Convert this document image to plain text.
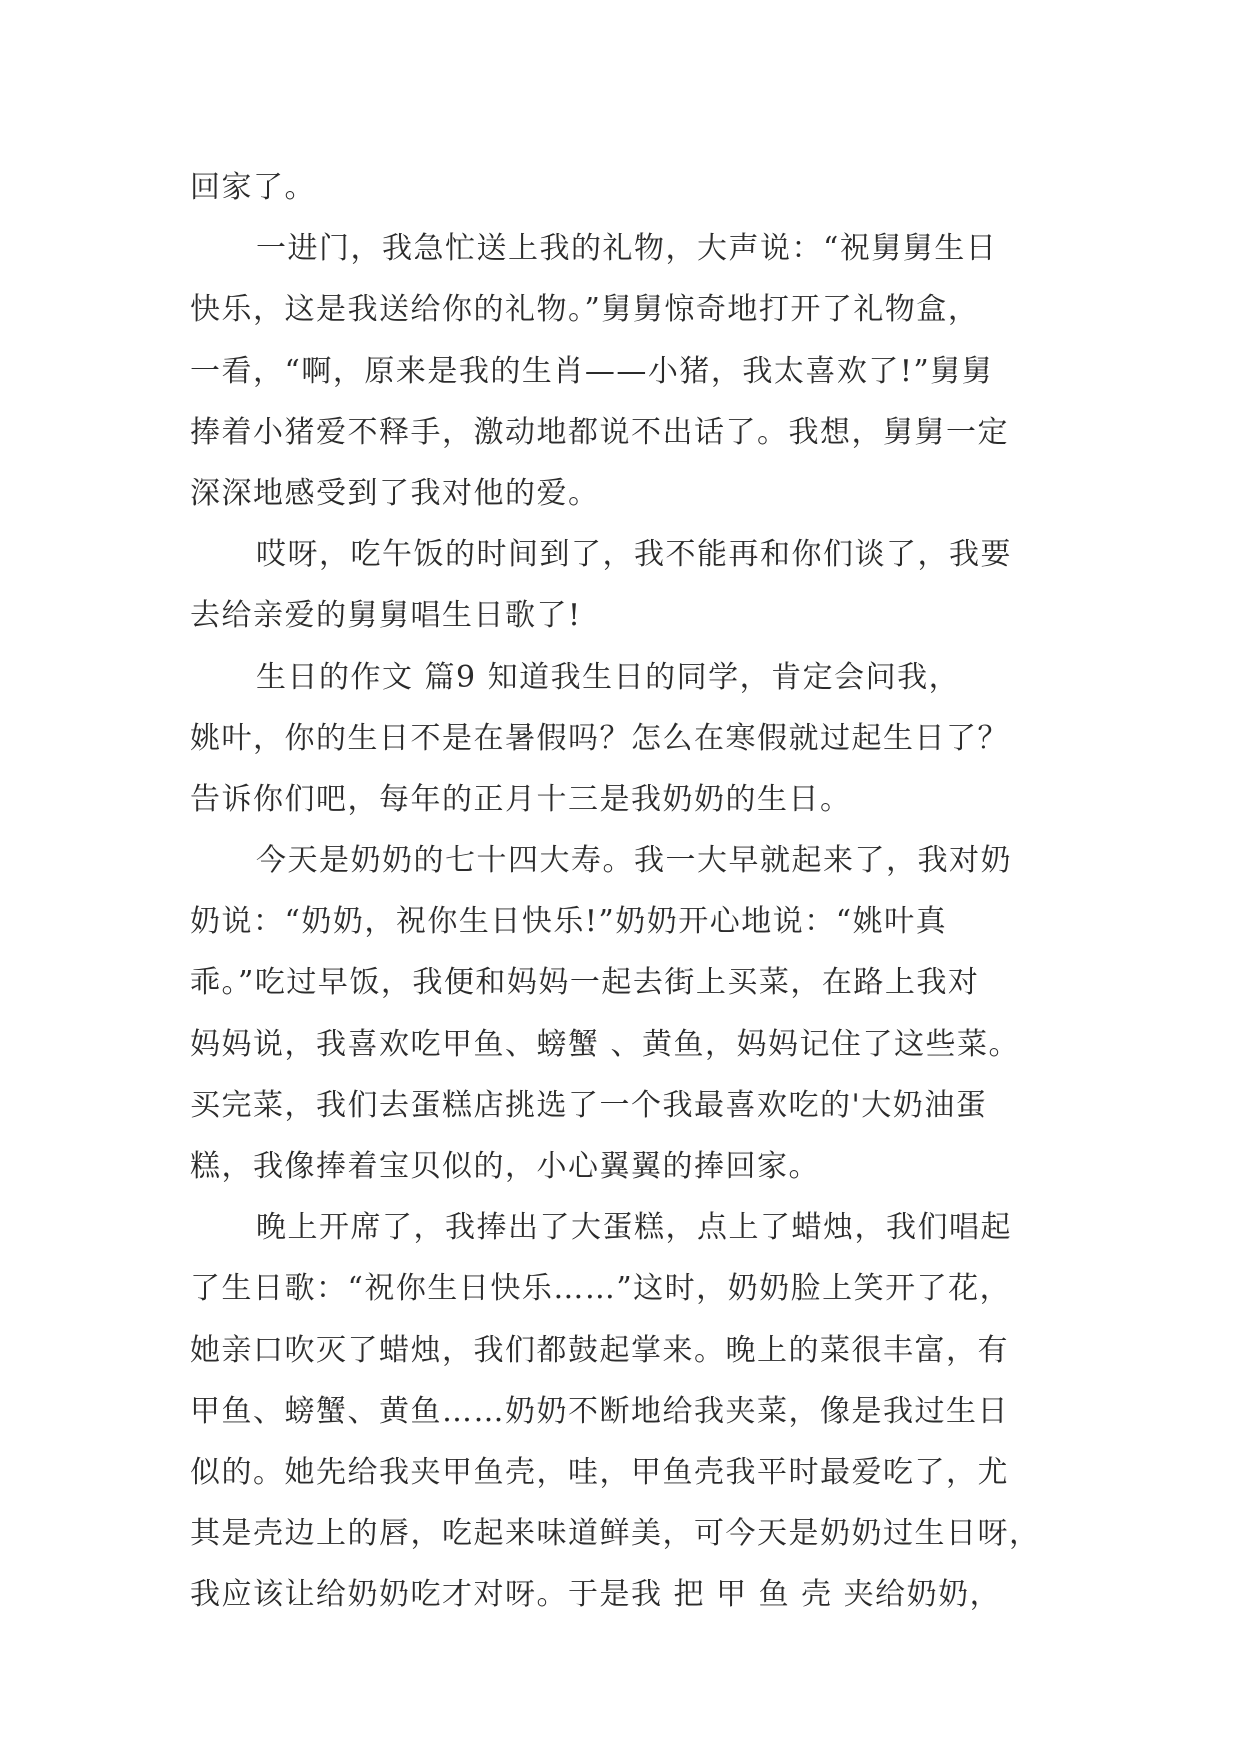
回家了。
一进门，我急忙送上我的礼物，大声说：“祝舅舅生日
快乐，这是我送给你的礼物。”舅舅惊奇地打开了礼物盒，
一看，“啊，原来是我的生肖——小猪，我太喜欢了!”舅舅
捧着小猪爱不释手，激动地都说不出话了。我想，舅舅一定
深深地感受到了我对他的爱。
哎呀，吃午饭的时间到了，我不能再和你们谈了，我要
去给亲爱的舅舅唱生日歌了!
生日的作文 篇9 知道我生日的同学，肯定会问我，
姚叶，你的生日不是在暑假吗？怎么在寒假就过起生日了？
告诉你们吧，每年的正月十三是我奶奶的生日。
今天是奶奶的七十四大寿。我一大早就起来了，我对奶
奶说：“奶奶，祝你生日快乐!”奶奶开心地说：“姚叶真
乖。”吃过早饭，我便和妈妈一起去街上买菜，在路上我对
妈妈说，我喜欢吃甲鱼、螃蟹 、黄鱼，妈妈记住了这些菜。
买完菜，我们去蛋糕店挑选了一个我最喜欢吃的'大奶油蛋
糕，我像捧着宝贝似的，小心翼翼的捧回家。
晚上开席了，我捧出了大蛋糕，点上了蜡烛，我们唱起
了生日歌：“祝你生日快乐……”这时，奶奶脸上笑开了花，
她亲口吹灭了蜡烛，我们都鼓起掌来。晚上的菜很丰富，有
甲鱼、螃蟹、黄鱼……奶奶不断地给我夹菜，像是我过生日
似的。她先给我夹甲鱼壳，哇，甲鱼壳我平时最爱吃了，尤
其是壳边上的唇，吃起来味道鲜美，可今天是奶奶过生日呀，
我应该让给奶奶吃才对呀。于是我 把 甲 鱼 壳 夹给奶奶，
